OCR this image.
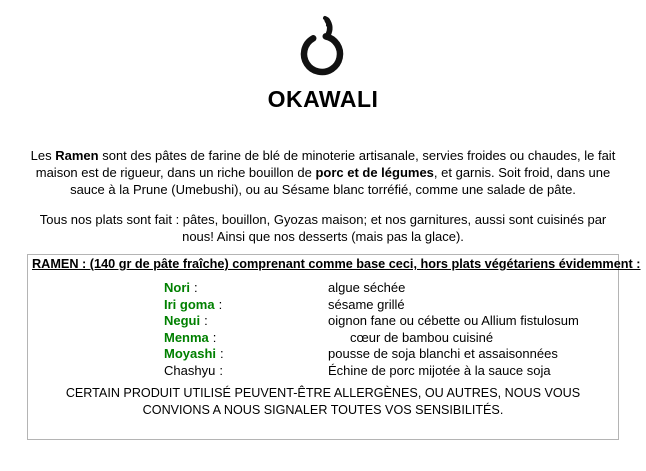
OKAWALI
Les Ramen sont des pâtes de farine de blé de minoterie artisanale, servies froides ou chaudes, le fait maison est de rigueur, dans un riche bouillon de porc et de légumes, et garnis. Soit froid, dans une sauce à la Prune (Umebushi), ou au Sésame blanc torréfié, comme une salade de pâte.
Tous nos plats sont fait : pâtes, bouillon, Gyozas maison; et nos garnitures, aussi sont cuisinés par nous! Ainsi que nos desserts (mais pas la glace).
RAMEN : (140 gr de pâte fraîche) comprenant comme base ceci, hors plats végétariens évidemment :
Nori :	algue séchée
Iri goma :	sésame grillé
Negui :	oignon fane ou cébette ou Allium fistulosum
Menma :	cœur de bambou cuisiné
Moyashi :	pousse de soja blanchi et assaisonnées
Chashyu :	Échine de porc mijotée à la sauce soja
CERTAIN PRODUIT UTILISÉ PEUVENT-ÊTRE ALLERGÈNES, OU AUTRES, NOUS VOUS CONVIONS A NOUS SIGNALER TOUTES VOS SENSIBILITÉS.
